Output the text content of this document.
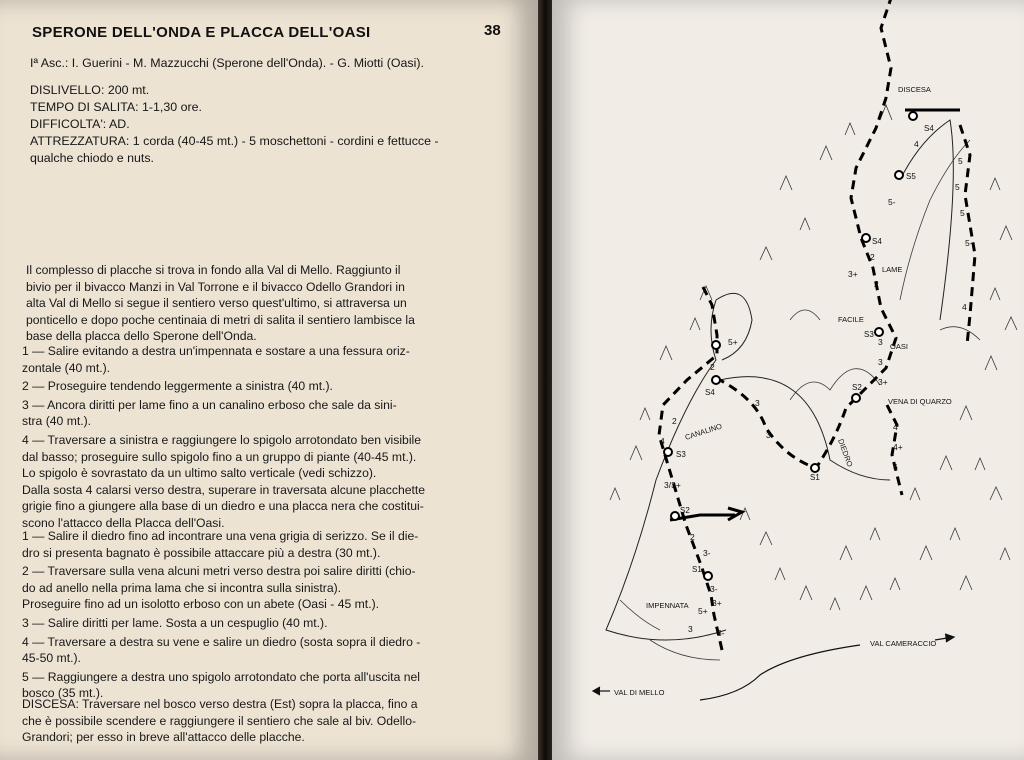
SPERONE DELL'ONDA E PLACCA DELL'OASI	38
Iª Asc.: I. Guerini - M. Mazzucchi (Sperone dell'Onda). - G. Miotti (Oasi).
DISLIVELLO: 200 mt.
TEMPO DI SALITA: 1-1,30 ore.
DIFFICOLTA': AD.
ATTREZZATURA: 1 corda (40-45 mt.) - 5 moschettoni - cordini e fettucce -
qualche chiodo e nuts.
Il complesso di placche si trova in fondo alla Val di Mello. Raggiunto il
bivio per il bivacco Manzi in Val Torrone e il bivacco Odello Grandori in
alta Val di Mello si segue il sentiero verso quest'ultimo, si attraversa un
ponticello e dopo poche centinaia di metri di salita il sentiero lambisce la
base della placca dello Sperone dell'Onda.
1 — Salire evitando a destra un'impennata e sostare a una fessura oriz-
zontale (40 mt.).
2 — Proseguire tendendo leggermente a sinistra (40 mt.).
3 — Ancora diritti per lame fino a un canalino erboso che sale da sini-
stra (40 mt.).
4 — Traversare a sinistra e raggiungere lo spigolo arrotondato ben visibile
dal basso; proseguire sullo spigolo fino a un gruppo di piante (40-45 mt.).
Lo spigolo è sovrastato da un ultimo salto verticale (vedi schizzo).
Dalla sosta 4 calarsi verso destra, superare in traversata alcune placchette
grigie fino a giungere alla base di un diedro e una placca nera che costitui-
scono l'attacco della Placca dell'Oasi.
1 — Salire il diedro fino ad incontrare una vena grigia di serizzo. Se il die-
dro si presenta bagnato è possibile attaccare più a destra (30 mt.).
2 — Traversare sulla vena alcuni metri verso destra poi salire diritti (chio-
do ad anello nella prima lama che si incontra sulla sinistra).
Proseguire fino ad un isolotto erboso con un abete (Oasi - 45 mt.).
3 — Salire diritti per lame. Sosta a un cespuglio (40 mt.).
4 — Traversare a destra su vene e salire un diedro (sosta sopra il diedro -
45-50 mt.).
5 — Raggiungere a destra uno spigolo arrotondato che porta all'uscita nel
bosco (35 mt.).
DISCESA: Traversare nel bosco verso destra (Est) sopra la placca, fino a
che è possibile scendere e raggiungere il sentiero che sale al biv. Odello-
Grandori; per esso in breve all'attacco delle placche.
S4
S5
S4
S3
S2
S1
S4
S3
S2
S1
5
5
5
5-
4
4
5-
3+
2
2
3
3
3+
4
4+
6
5+
2
3
3
4
2
3/3+
2
3-
3-
3+
5+
3-
3
DISCESA
LAME
FACILE
OASI
VENA DI QUARZO
DIEDRO
CANALINO
IMPENNATA
VAL DI MELLO
VAL CAMERACCIO
